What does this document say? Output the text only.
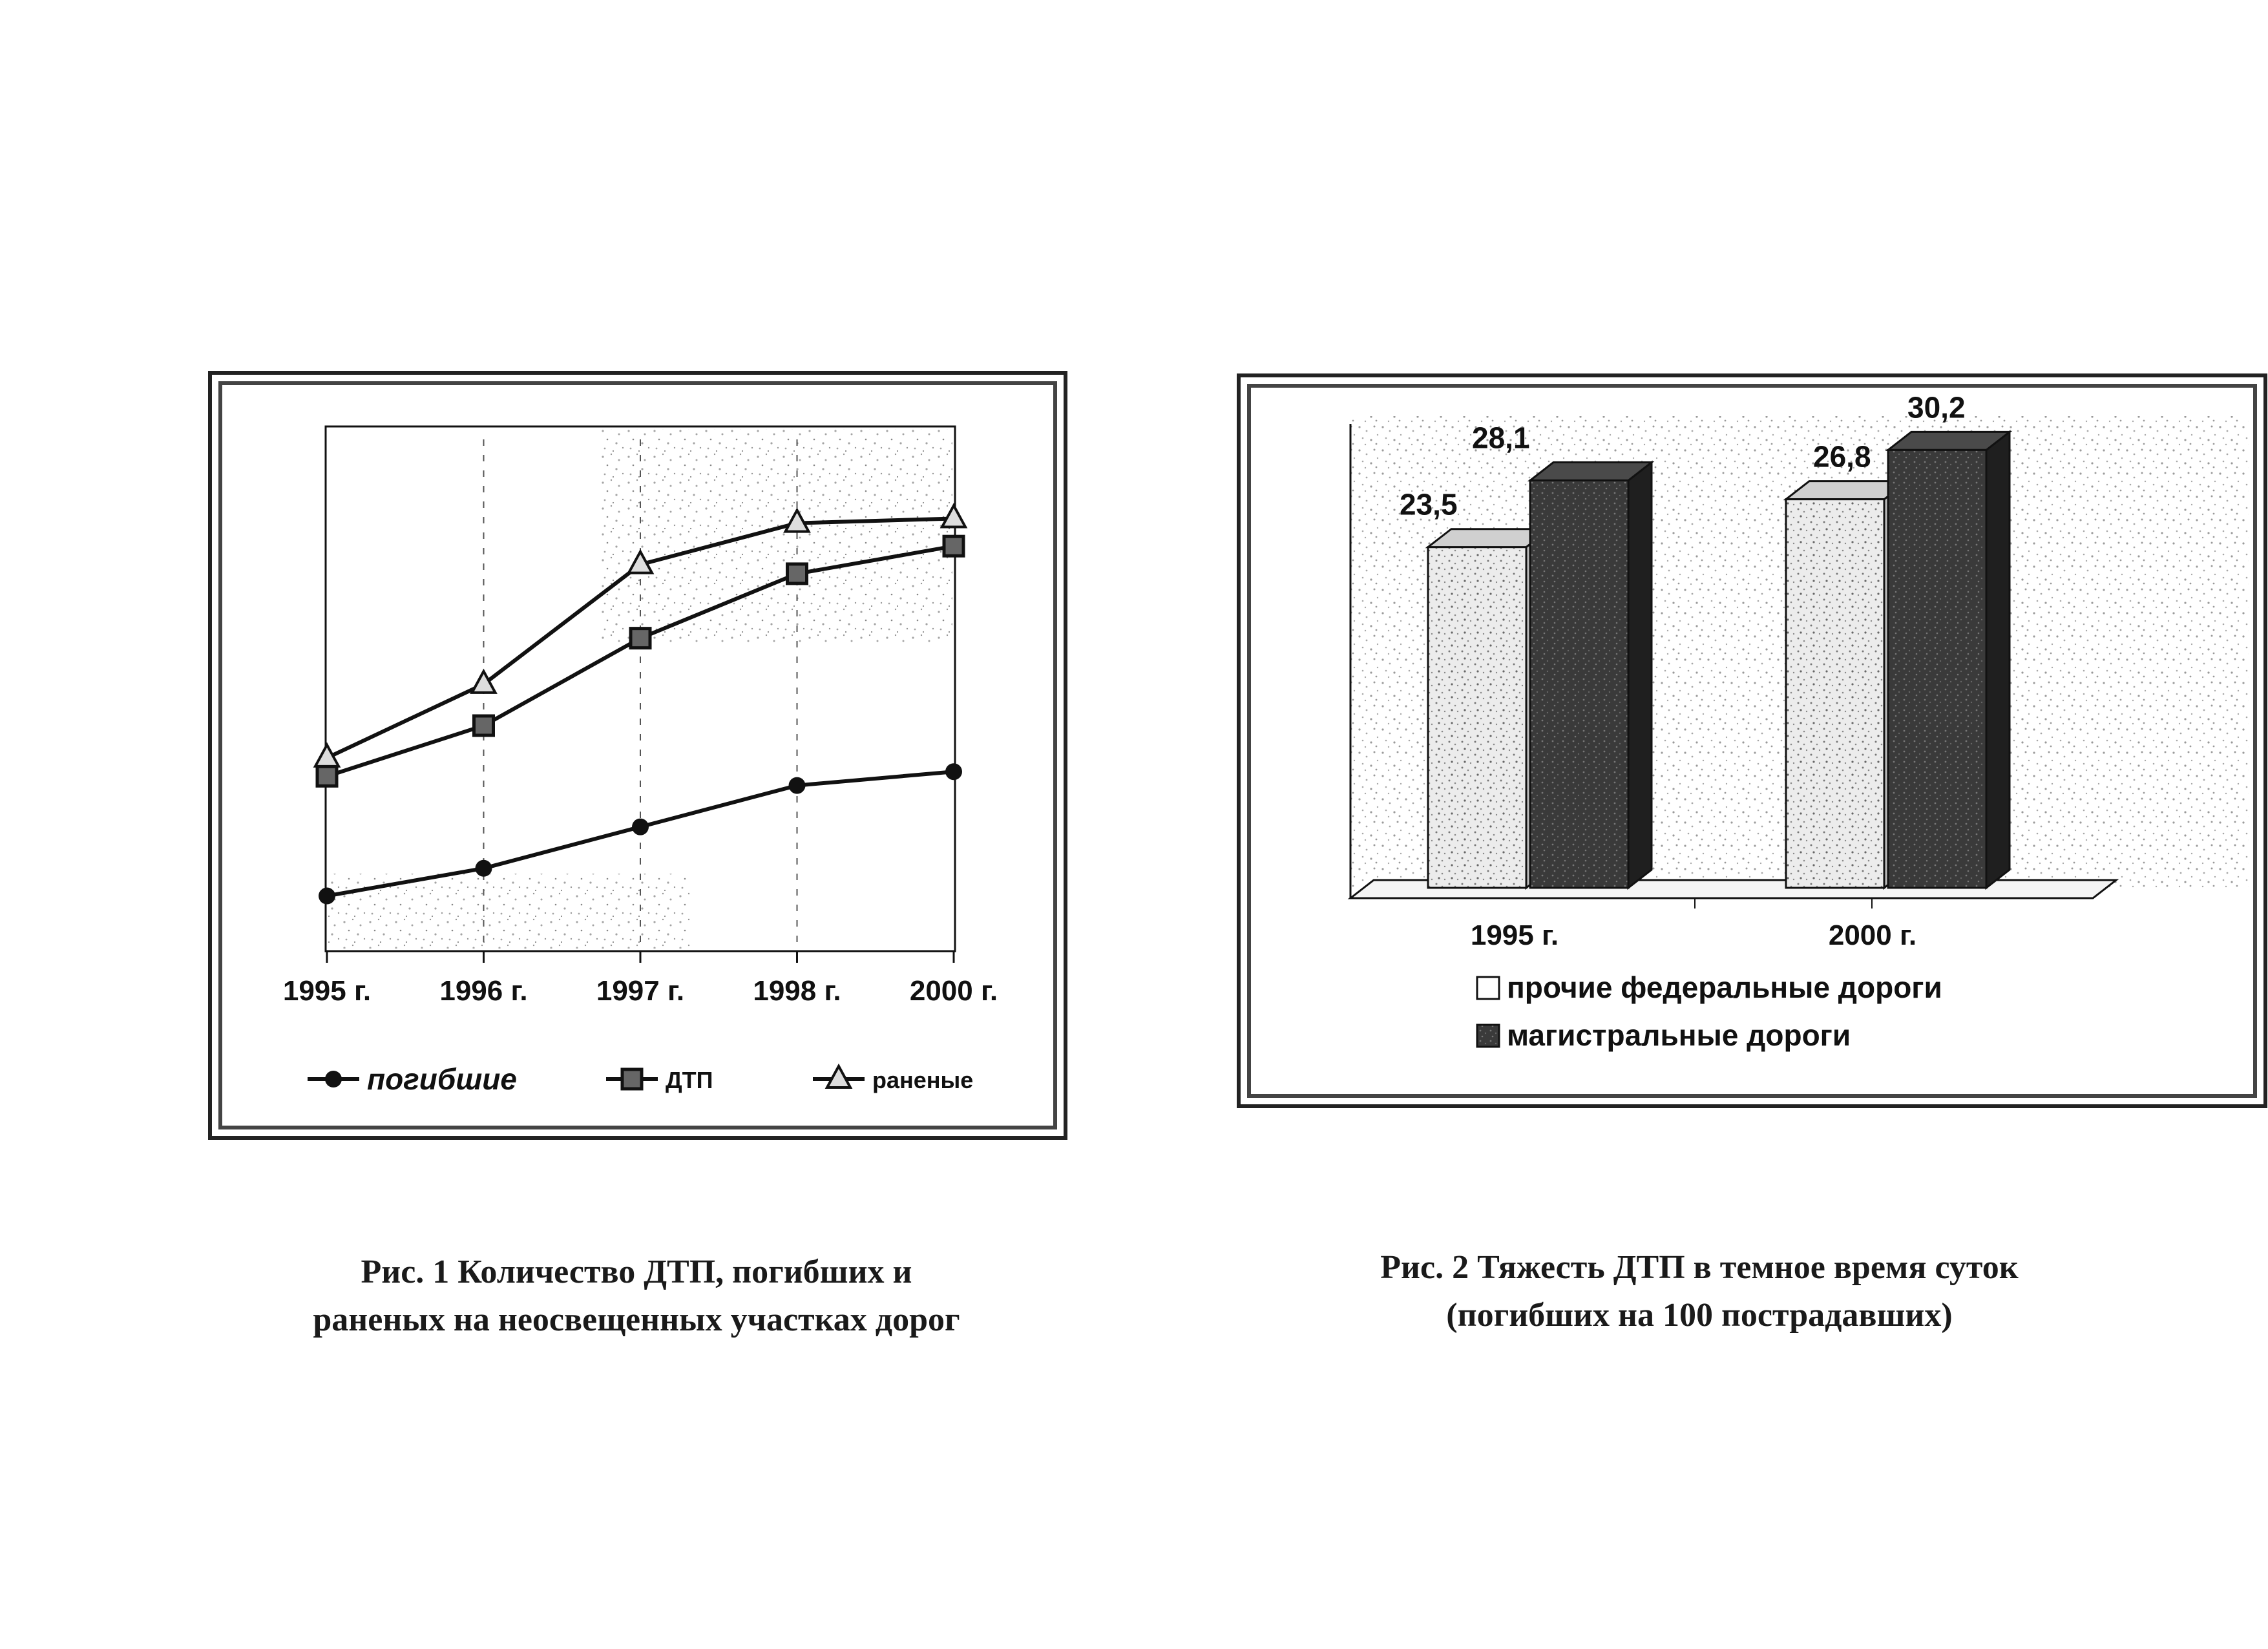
1995 г. 1996 г. 1997 г. 1998 г. 2000 г.
погибшие	ДТП	раненые
23,5
28,1
26,8
30,2
1995 г.	2000 г.
прочие федеральные дороги
магистральные дороги
Рис. 1 Количество ДТП, погибших и
раненых на неосвещенных участках дорог
Рис. 2 Тяжесть ДТП в темное время суток
(погибших на 100 пострадавших)
